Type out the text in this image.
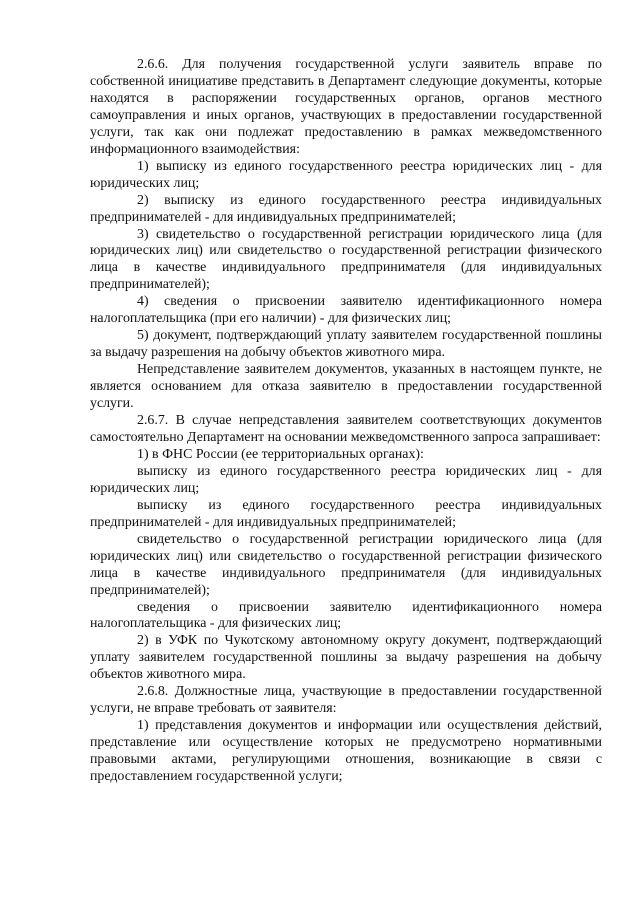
2.6.6. Для получения государственной услуги заявитель вправе по собственной инициативе представить в Департамент следующие документы, которые находятся в распоряжении государственных органов, органов местного самоуправления и иных органов, участвующих в предоставлении государственной услуги, так как они подлежат предоставлению в рамках межведомственного информационного взаимодействия:

1) выписку из единого государственного реестра юридических лиц - для юридических лиц;

2) выписку из единого государственного реестра индивидуальных предпринимателей - для индивидуальных предпринимателей;

3) свидетельство о государственной регистрации юридического лица (для юридических лиц) или свидетельство о государственной регистрации физического лица в качестве индивидуального предпринимателя (для индивидуальных предпринимателей);

4) сведения о присвоении заявителю идентификационного номера налогоплательщика (при его наличии) - для физических лиц;

5) документ, подтверждающий уплату заявителем государственной пошлины за выдачу разрешения на добычу объектов животного мира.

Непредставление заявителем документов, указанных в настоящем пункте, не является основанием для отказа заявителю в предоставлении государственной услуги.

2.6.7. В случае непредставления заявителем соответствующих документов самостоятельно Департамент на основании межведомственного запроса запрашивает:

1) в ФНС России (ее территориальных органах):

выписку из единого государственного реестра юридических лиц - для юридических лиц;

выписку из единого государственного реестра индивидуальных предпринимателей - для индивидуальных предпринимателей;

свидетельство о государственной регистрации юридического лица (для юридических лиц) или свидетельство о государственной регистрации физического лица в качестве индивидуального предпринимателя (для индивидуальных предпринимателей);

сведения о присвоении заявителю идентификационного номера налогоплательщика - для физических лиц;

2) в УФК по Чукотскому автономному округу документ, подтверждающий уплату заявителем государственной пошлины за выдачу разрешения на добычу объектов животного мира.

2.6.8. Должностные лица, участвующие в предоставлении государственной услуги, не вправе требовать от заявителя:

1) представления документов и информации или осуществления действий, представление или осуществление которых не предусмотрено нормативными правовыми актами, регулирующими отношения, возникающие в связи с предоставлением государственной услуги;
